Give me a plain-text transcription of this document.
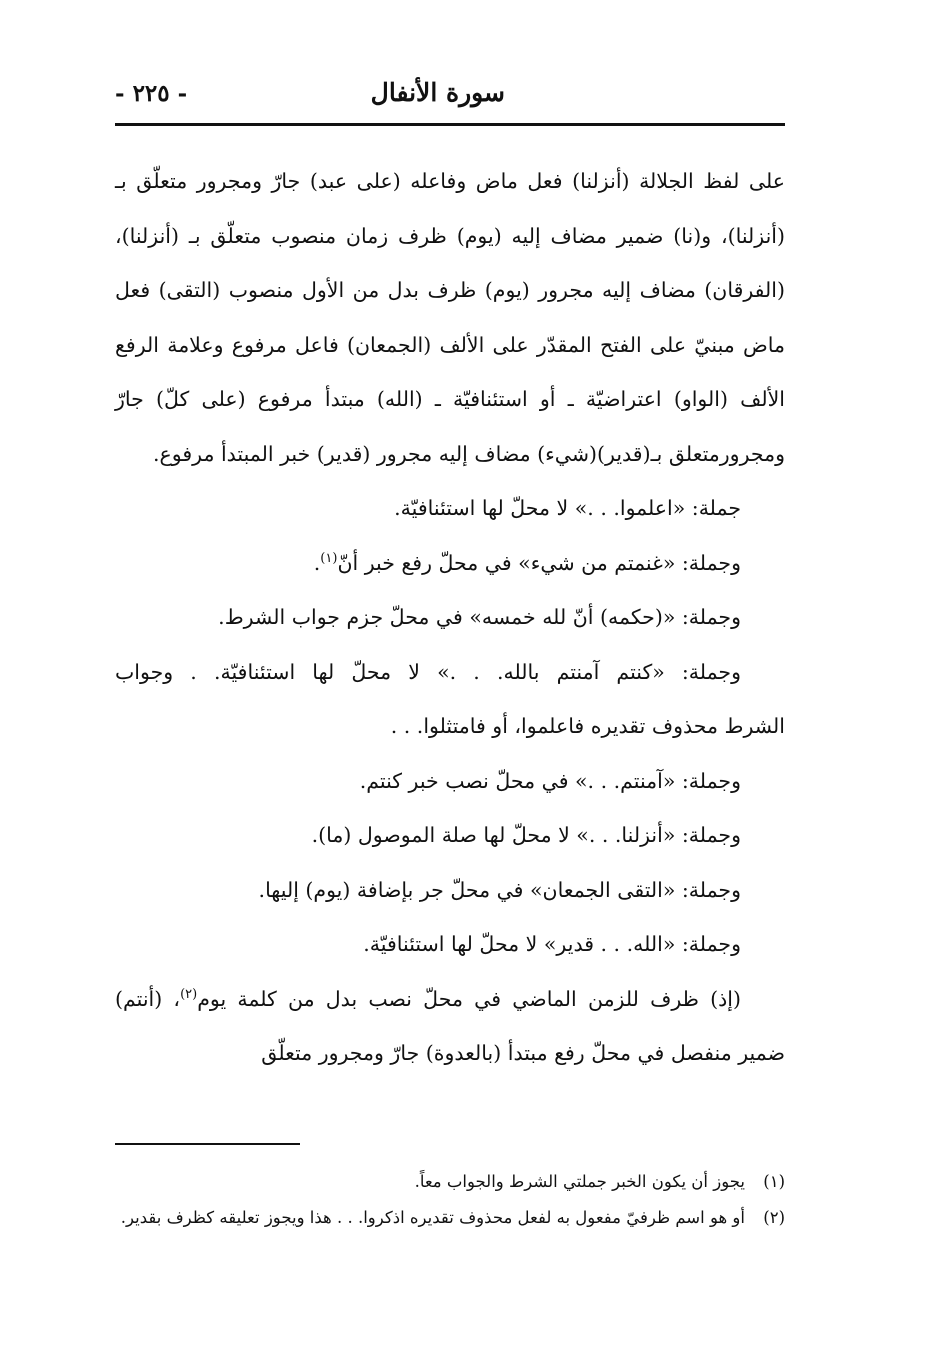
سورة الأنفال
- ٢٢٥ -

على لفظ الجلالة (أنزلنا) فعل ماض وفاعله (على عبد) جارّ ومجرور متعلّق بـ (أنزلنا)، و(نا) ضمير مضاف إليه (يوم) ظرف زمان منصوب متعلّق بـ (أنزلنا)، (الفرقان) مضاف إليه مجرور (يوم) ظرف بدل من الأول منصوب (التقى) فعل ماض مبنيّ على الفتح المقدّر على الألف (الجمعان) فاعل مرفوع وعلامة الرفع الألف (الواو) اعتراضيّة ـ أو استئنافيّة ـ (الله) مبتدأ مرفوع (على كلّ) جارّ ومجرورمتعلق بـ(قدير)(شيء) مضاف إليه مجرور (قدير) خبر المبتدأ مرفوع.

جملة: «اعلموا. . .» لا محلّ لها استئنافيّة.

وجملة: «غنمتم من شيء» في محلّ رفع خبر أنّ$^{(١)}$.

وجملة: «(حكمه) أنّ لله خمسه» في محلّ جزم جواب الشرط.

وجملة: «كنتم آمنتم بالله. . .» لا محلّ لها استئنافيّة. . وجواب

الشرط محذوف تقديره فاعلموا، أو فامتثلوا. . .

وجملة: «آمنتم. . .» في محلّ نصب خبر كنتم.

وجملة: «أنزلنا. . .» لا محلّ لها صلة الموصول (ما).

وجملة: «التقى الجمعان» في محلّ جر بإضافة (يوم) إليها.

وجملة: «الله. . . قدير» لا محلّ لها استئنافيّة.

(إذ) ظرف للزمن الماضي في محلّ نصب بدل من كلمة يوم$^{(٢)}$، (أنتم) ضمير منفصل في محلّ رفع مبتدأ (بالعدوة) جارّ ومجرور متعلّق

(١)
يجوز أن يكون الخبر جملتي الشرط والجواب معاً.

(٢)
أو هو اسم ظرفيّ مفعول به لفعل محذوف تقديره اذكروا. . . هذا ويجوز تعليقه كظرف بقدير.
